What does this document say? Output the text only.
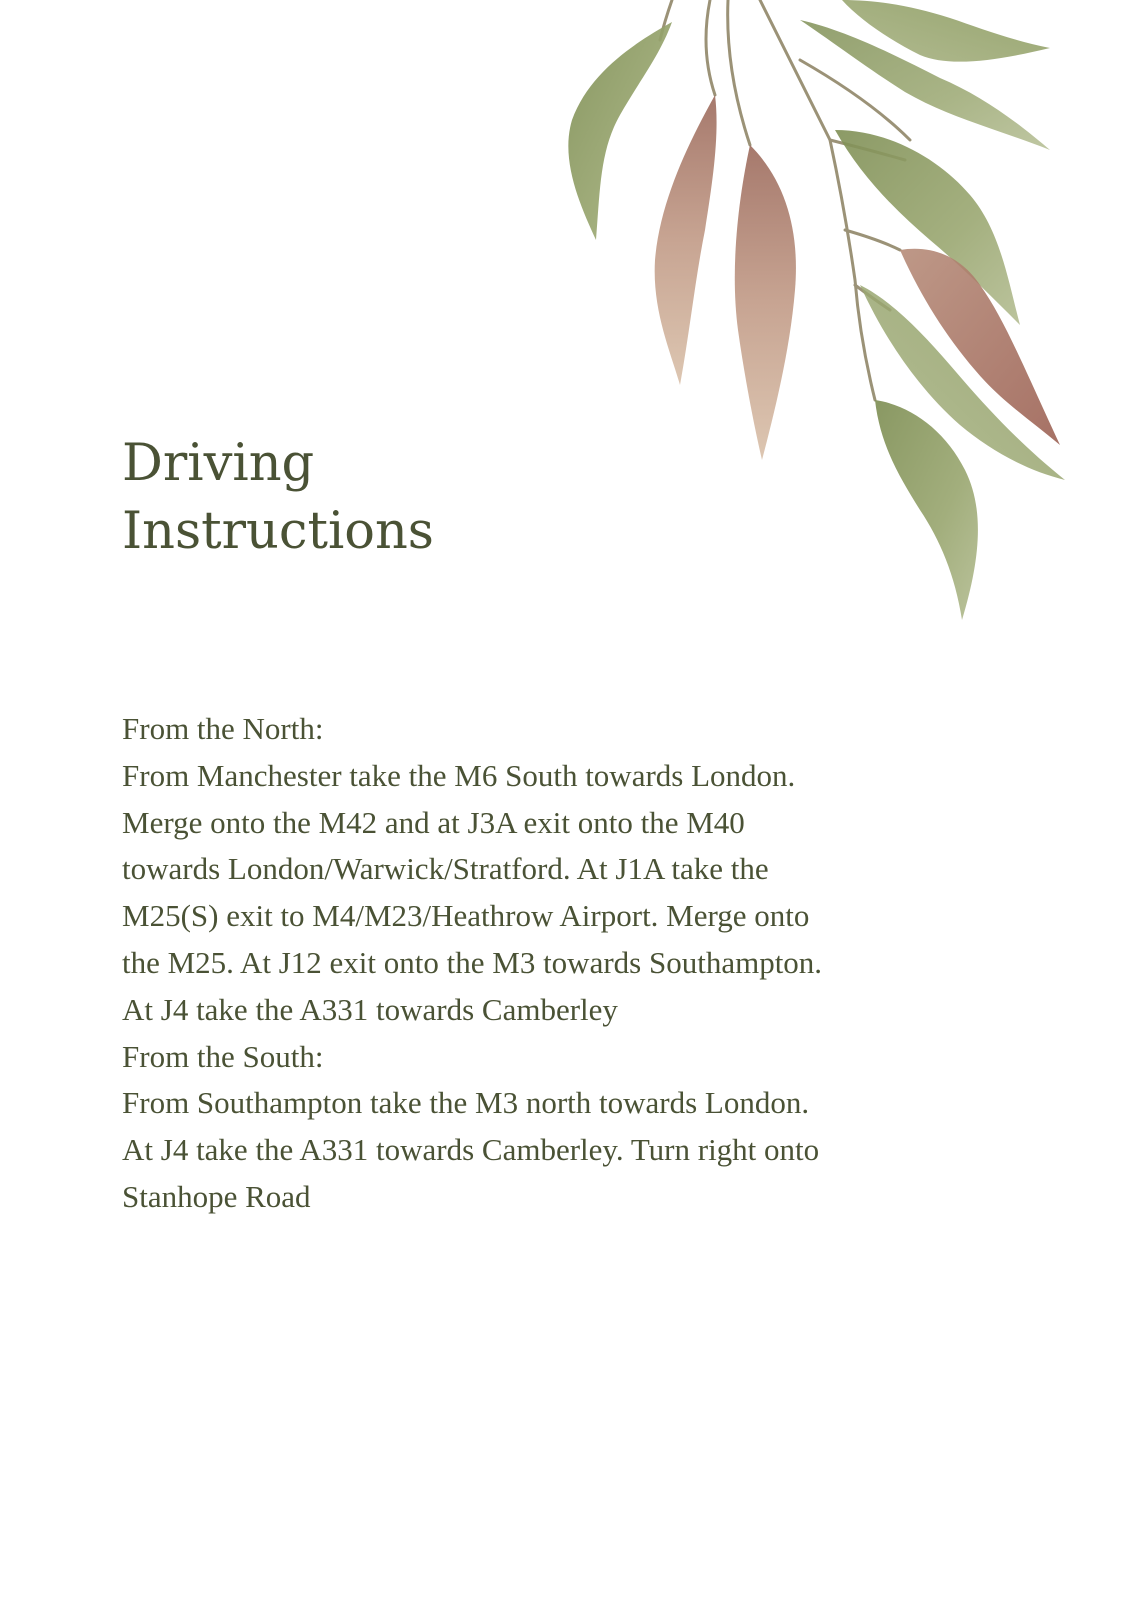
Driving
Instructions
From the North:
From Manchester take the M6 South towards London.
Merge onto the M42 and at J3A exit onto the M40
towards London/Warwick/Stratford. At J1A take the
M25(S) exit to M4/M23/Heathrow Airport. Merge onto
the M25. At J12 exit onto the M3 towards Southampton.
At J4 take the A331 towards Camberley
From the South:
From Southampton take the M3 north towards London.
At J4 take the A331 towards Camberley. Turn right onto
Stanhope Road
